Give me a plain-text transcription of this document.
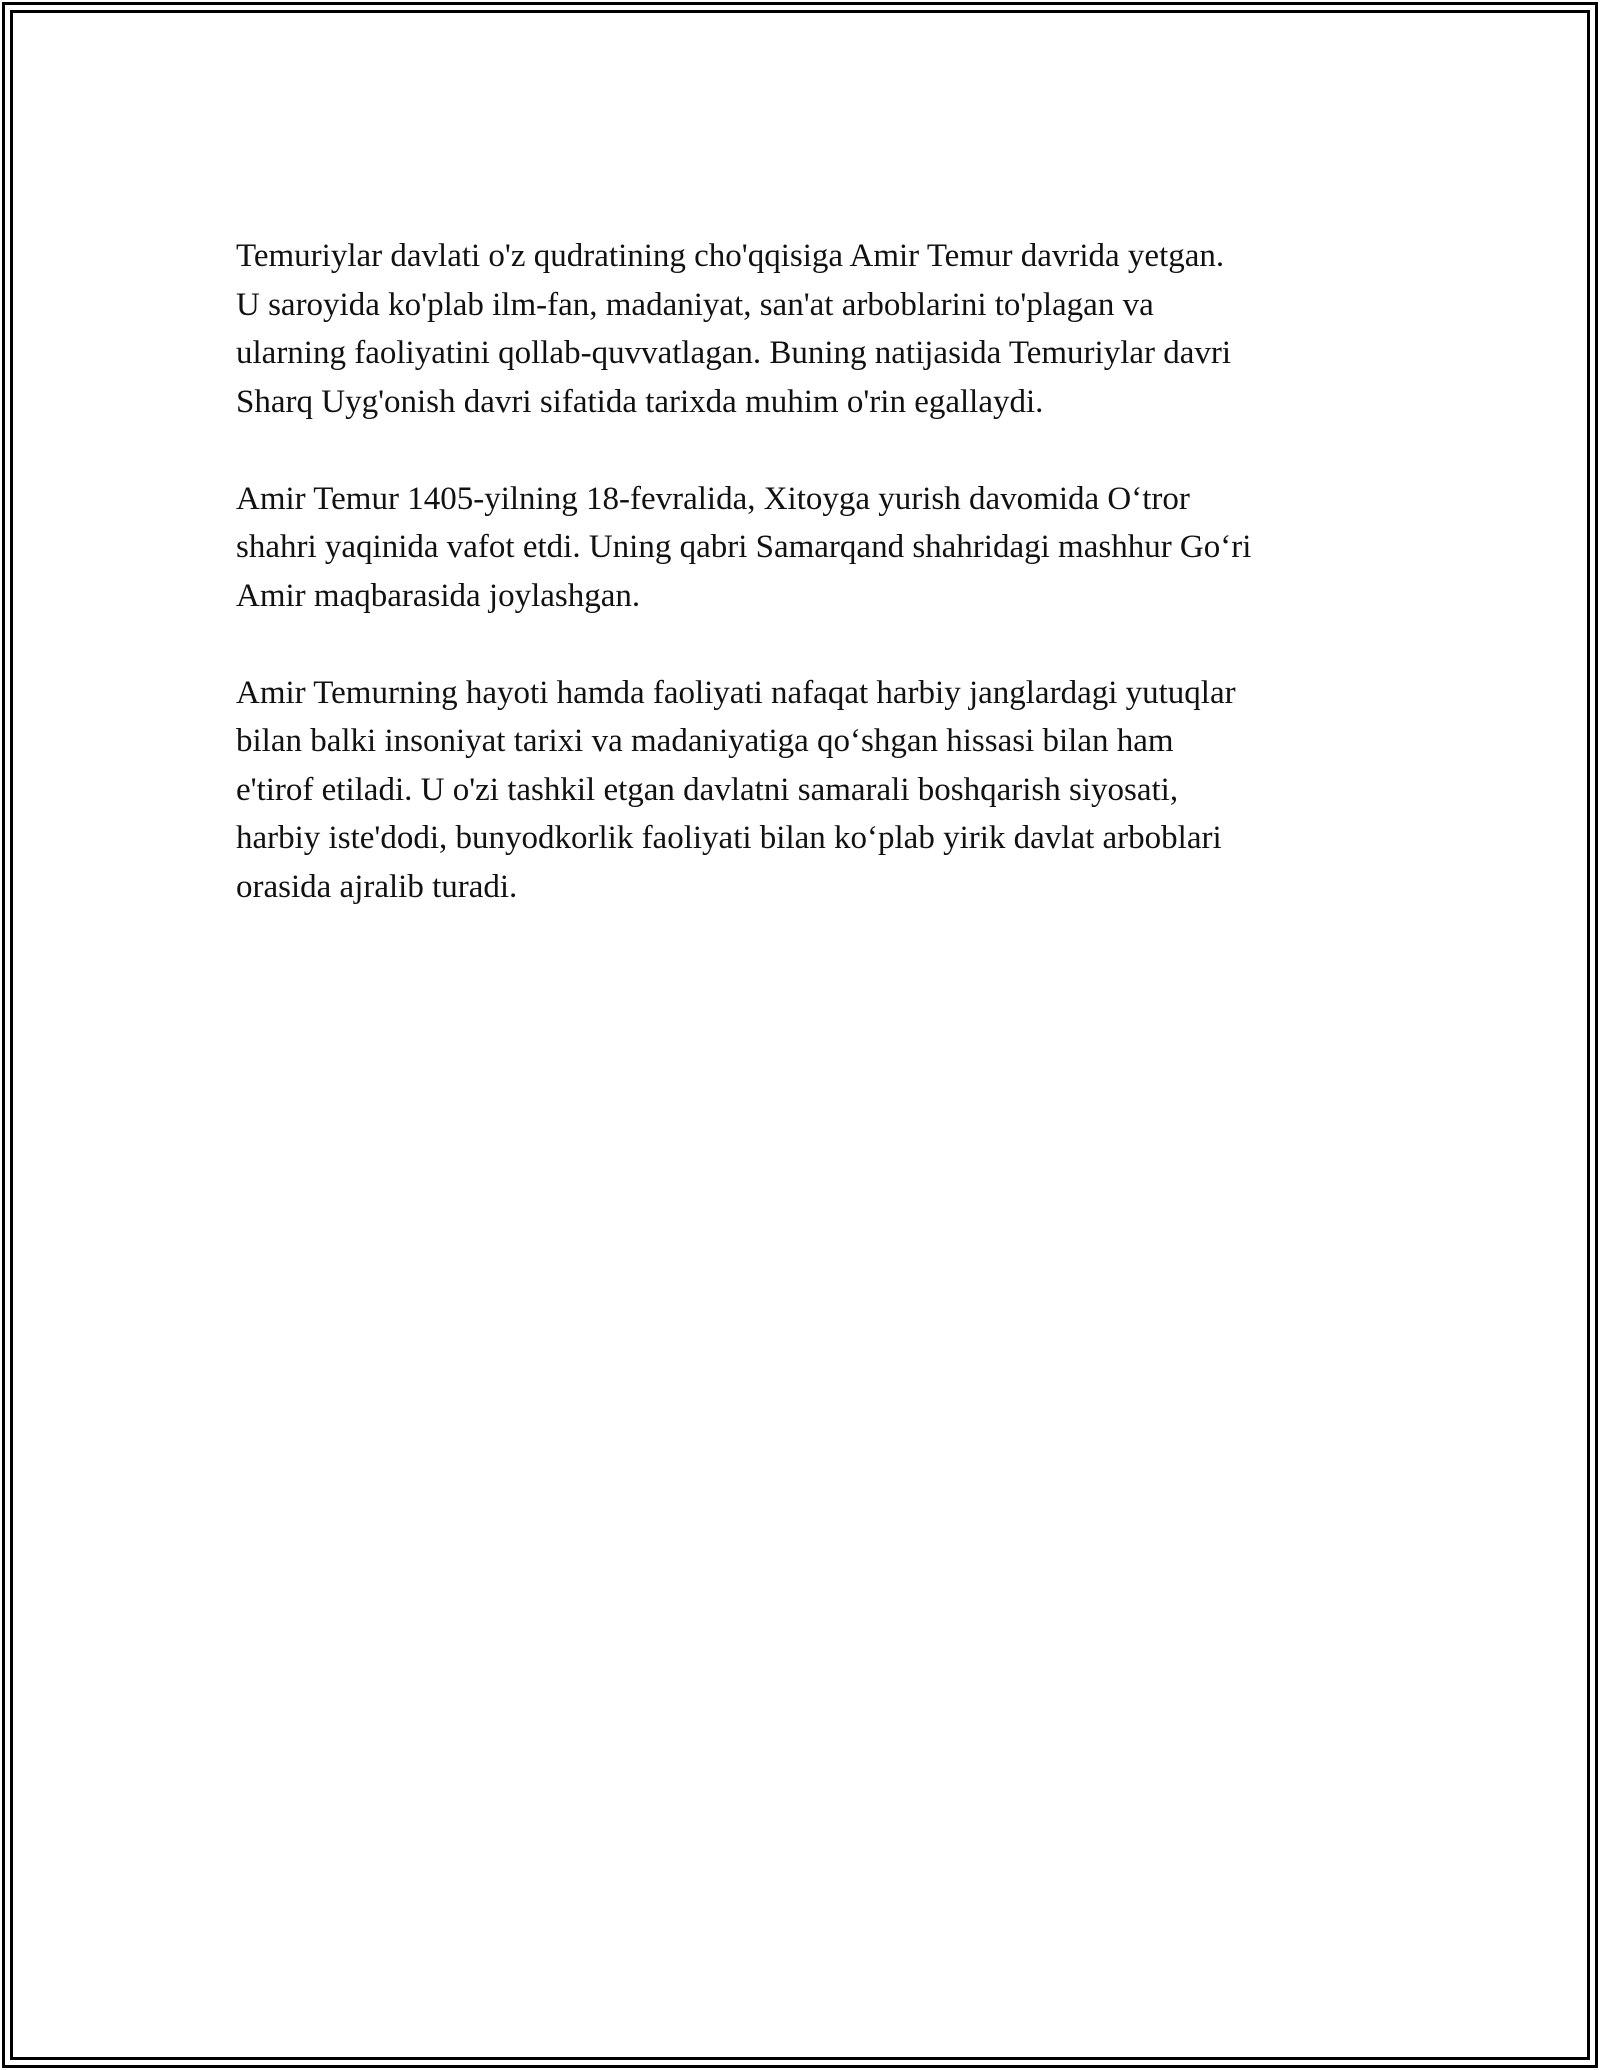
Temuriylar davlati o'z qudratining cho'qqisiga Amir Temur davrida yetgan.
U saroyida ko'plab ilm-fan, madaniyat, san'at arboblarini to'plagan va
ularning faoliyatini qollab-quvvatlagan. Buning natijasida Temuriylar davri
Sharq Uyg'onish davri sifatida tarixda muhim o'rin egallaydi.

Amir Temur 1405-yilning 18-fevralida, Xitoyga yurish davomida O‘tror
shahri yaqinida vafot etdi. Uning qabri Samarqand shahridagi mashhur Go‘ri
Amir maqbarasida joylashgan.

Amir Temurning hayoti hamda faoliyati nafaqat harbiy janglardagi yutuqlar
bilan balki insoniyat tarixi va madaniyatiga qo‘shgan hissasi bilan ham
e'tirof etiladi. U o'zi tashkil etgan davlatni samarali boshqarish siyosati,
harbiy iste'dodi, bunyodkorlik faoliyati bilan ko‘plab yirik davlat arboblari
orasida ajralib turadi.
